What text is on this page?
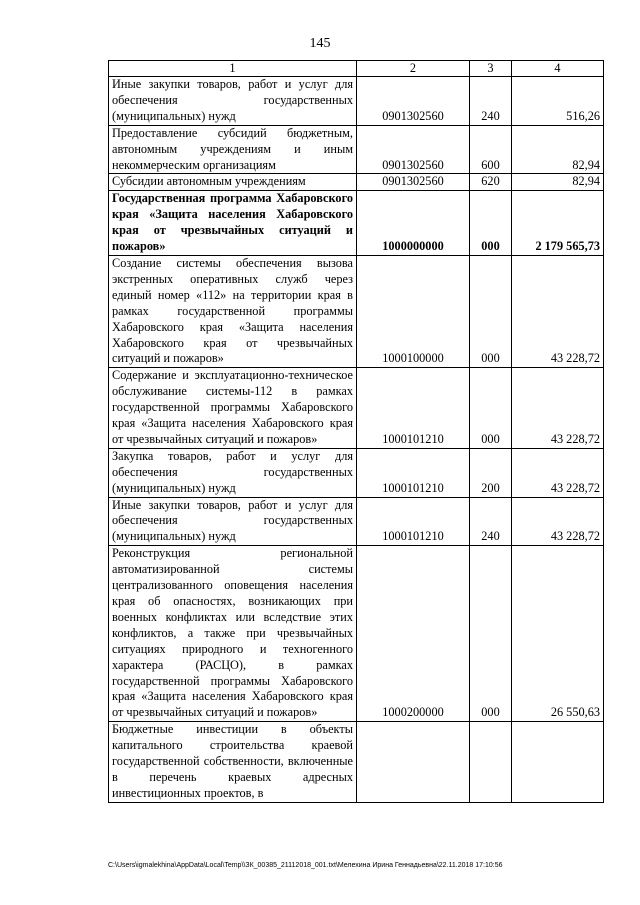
145
1	2	3	4
Иные закупки товаров, работ и услуг для обеспечения государственных (муниципальных) нужд	0901302560	240	516,26
Предоставление субсидий бюджетным, автономным учреждениям и иным некоммерческим организациям	0901302560	600	82,94
Субсидии автономным учреждениям	0901302560	620	82,94
Государственная программа Хабаровского края «Защита населения Хабаровского края от чрезвычайных ситуаций и пожаров»	1000000000	000	2 179 565,73
Создание системы обеспечения вызова экстренных оперативных служб через единый номер «112» на территории края в рамках государственной программы Хабаровского края «Защита населения Хабаровского края от чрезвычайных ситуаций и пожаров»	1000100000	000	43 228,72
Содержание и эксплуатационно-техническое обслуживание системы-112 в рамках государственной программы Хабаровского края «Защита населения Хабаровского края от чрезвычайных ситуаций и пожаров»	1000101210	000	43 228,72
Закупка товаров, работ и услуг для обеспечения государственных (муниципальных) нужд	1000101210	200	43 228,72
Иные закупки товаров, работ и услуг для обеспечения государственных (муниципальных) нужд	1000101210	240	43 228,72
Реконструкция региональной автоматизированной системы централизованного оповещения населения края об опасностях, возникающих при военных конфликтах или вследствие этих конфликтов, а также при чрезвычайных ситуациях природного и техногенного характера (РАСЦО), в рамках государственной программы Хабаровского края «Защита населения Хабаровского края от чрезвычайных ситуаций и пожаров»	1000200000	000	26 550,63
Бюджетные инвестиции в объекты капитального строительства краевой государственной собственности, включенные в перечень краевых адресных инвестиционных проектов, в			
C:\Users\igmalekhina\AppData\Local\Temp\\ЗК_00385_21112018_001.txt\Мелехина Ирина Геннадьевна\22.11.2018 17:10:56
